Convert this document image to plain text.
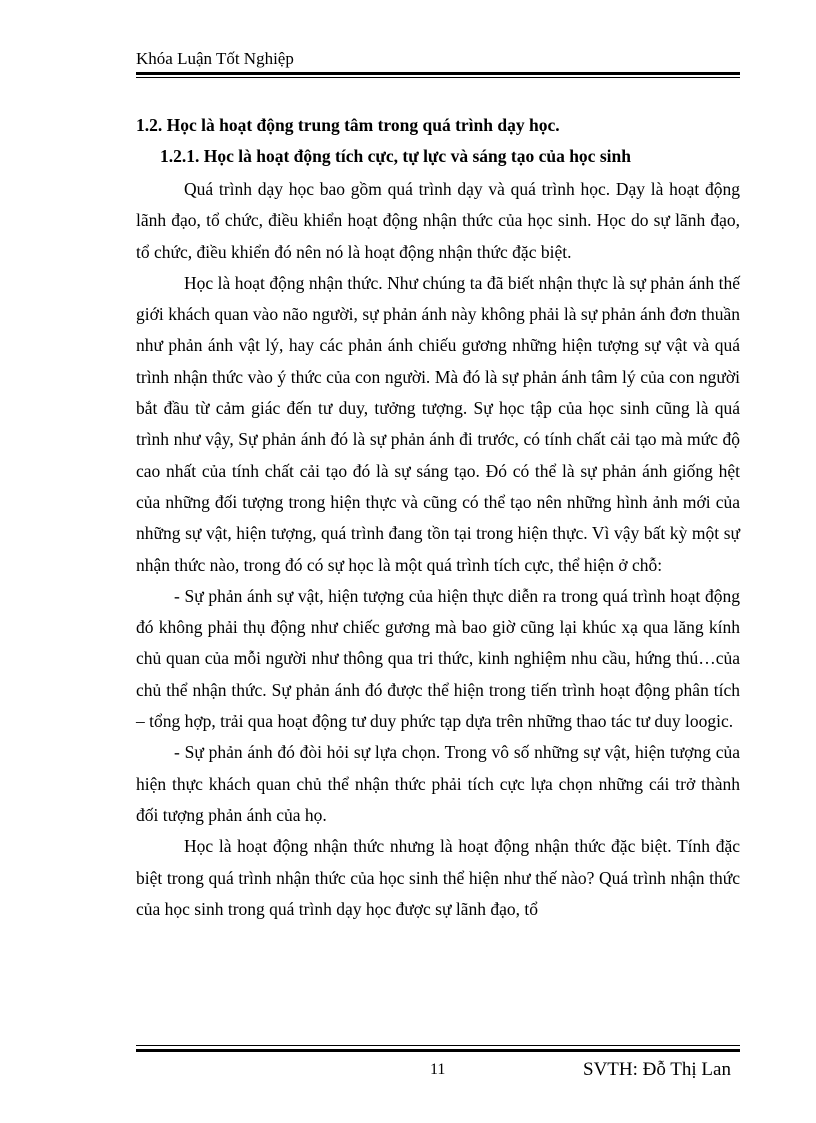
Khóa Luận Tốt Nghiệp

1.2. Học là hoạt động trung tâm trong quá trình dạy học.

1.2.1. Học là hoạt động tích cực, tự lực và sáng tạo của học sinh

Quá trình dạy học bao gồm quá trình dạy và quá trình học. Dạy là hoạt động lãnh đạo, tổ chức, điều khiển hoạt động nhận thức của học sinh. Học do sự lãnh đạo, tổ chức, điều khiển đó nên nó là hoạt động nhận thức đặc biệt.

Học là hoạt động nhận thức. Như chúng ta đã biết nhận thực là sự phản ánh thế giới khách quan vào não người, sự phản ánh này không phải là sự phản ánh đơn thuần như phản ánh vật lý, hay các phản ánh chiếu gương những hiện tượng sự vật và quá trình nhận thức vào ý thức của con người. Mà đó là sự phản ánh tâm lý của con người bắt đầu từ cảm giác đến tư duy, tưởng tượng. Sự học tập của học sinh cũng là quá trình như vậy, Sự phản ánh đó là sự phản ánh đi trước, có tính chất cải tạo mà mức độ cao nhất của tính chất cải tạo đó là sự sáng tạo. Đó có thể là sự phản ánh giống hệt của những đối tượng trong hiện thực và cũng có thể tạo nên những hình ảnh mới của những sự vật, hiện tượng, quá trình đang tồn tại trong hiện thực. Vì vậy bất kỳ một sự nhận thức nào, trong đó có sự học là một quá trình tích cực, thể hiện ở chỗ:

- Sự phản ánh sự vật, hiện tượng của hiện thực diễn ra trong quá trình hoạt động đó không phải thụ động như chiếc gương mà bao giờ cũng lại khúc xạ qua lăng kính chủ quan của mỗi người như thông qua tri thức, kinh nghiệm nhu cầu, hứng thú…của chủ thể nhận thức. Sự phản ánh đó được thể hiện trong tiến trình hoạt động phân tích – tổng hợp, trải qua hoạt động tư duy phức tạp dựa trên những thao tác tư duy loogic.

- Sự phản ánh đó đòi hỏi sự lựa chọn. Trong vô số những sự vật, hiện tượng của hiện thực khách quan chủ thể nhận thức phải tích cực lựa chọn những cái trở thành đối tượng phản ánh của họ.

Học là hoạt động nhận thức nhưng là hoạt động nhận thức đặc biệt. Tính đặc biệt trong quá trình nhận thức của học sinh thể hiện như thế nào? Quá trình nhận thức của học sinh trong quá trình dạy học được sự lãnh đạo, tổ

11	SVTH: Đỗ Thị Lan
